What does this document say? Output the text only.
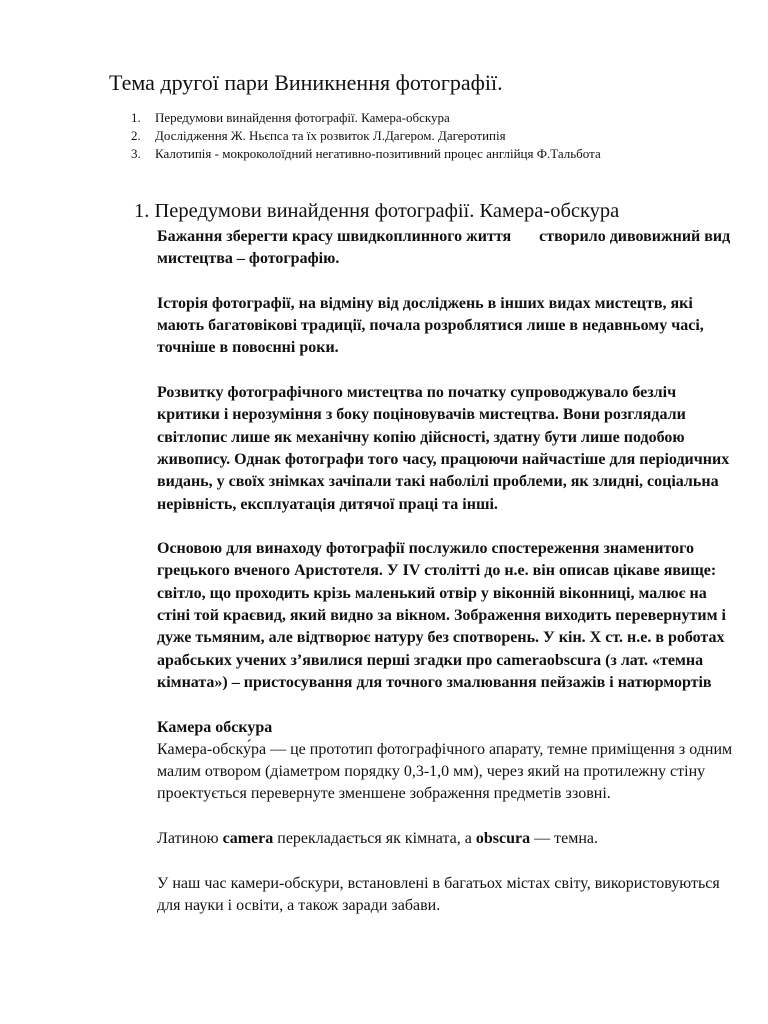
Тема другої пари Виникнення фотографії.
1.	Передумови винайдення фотографії. Камера-обскура
2.	Дослідження Ж. Ньєпса та їх розвиток Л.Дагером. Дагеротипія
3.	Калотипія - мокроколоїдний негативно-позитивний процес англійця Ф.Тальбота
1. Передумови винайдення фотографії. Камера-обскура

Бажання зберегти красу швидкоплинного життя створило дивовижний вид мистецтва – фотографію.

Історія фотографії, на відміну від досліджень в інших видах мистецтв, які мають багатовікові традиції, почала розроблятися лише в недавньому часі, точніше в повоєнні роки.

Розвитку фотографічного мистецтва по початку супроводжувало безліч критики і нерозуміння з боку поціновувачів мистецтва. Вони розглядали світлопис лише як механічну копію дійсності, здатну бути лише подобою живопису. Однак фотографи того часу, працюючи найчастіше для періодичних видань, у своїх знімках зачіпали такі наболілі проблеми, як злидні, соціальна нерівність, експлуатація дитячої праці та інші.

Основою для винаходу фотографії послужило спостереження знаменитого грецького вченого Аристотеля. У IV столітті до н.е. він описав цікаве явище: світло, що проходить крізь маленький отвір у віконній віконниці, малює на стіні той краєвид, який видно за вікном. Зображення виходить перевернутим і дуже тьмяним, але відтворює натуру без спотворень. У кін. X ст. н.е. в роботах арабських учених з’явилися перші згадки про cameraobscura (з лат. «темна кімната») – пристосування для точного змалювання пейзажів і натюрмортів

Камера обскура

Камера-обску́ра — це прототип фотографічного апарату, темне приміщення з одним малим отвором (діаметром порядку 0,3-1,0 мм), через який на протилежну стіну проектується перевернуте зменшене зображення предметів ззовні.

Латиною camera перекладається як кімната, а obscura — темна.

У наш час камери-обскури, встановлені в багатьох містах світу, використовуються для науки і освіти, а також заради забави.
